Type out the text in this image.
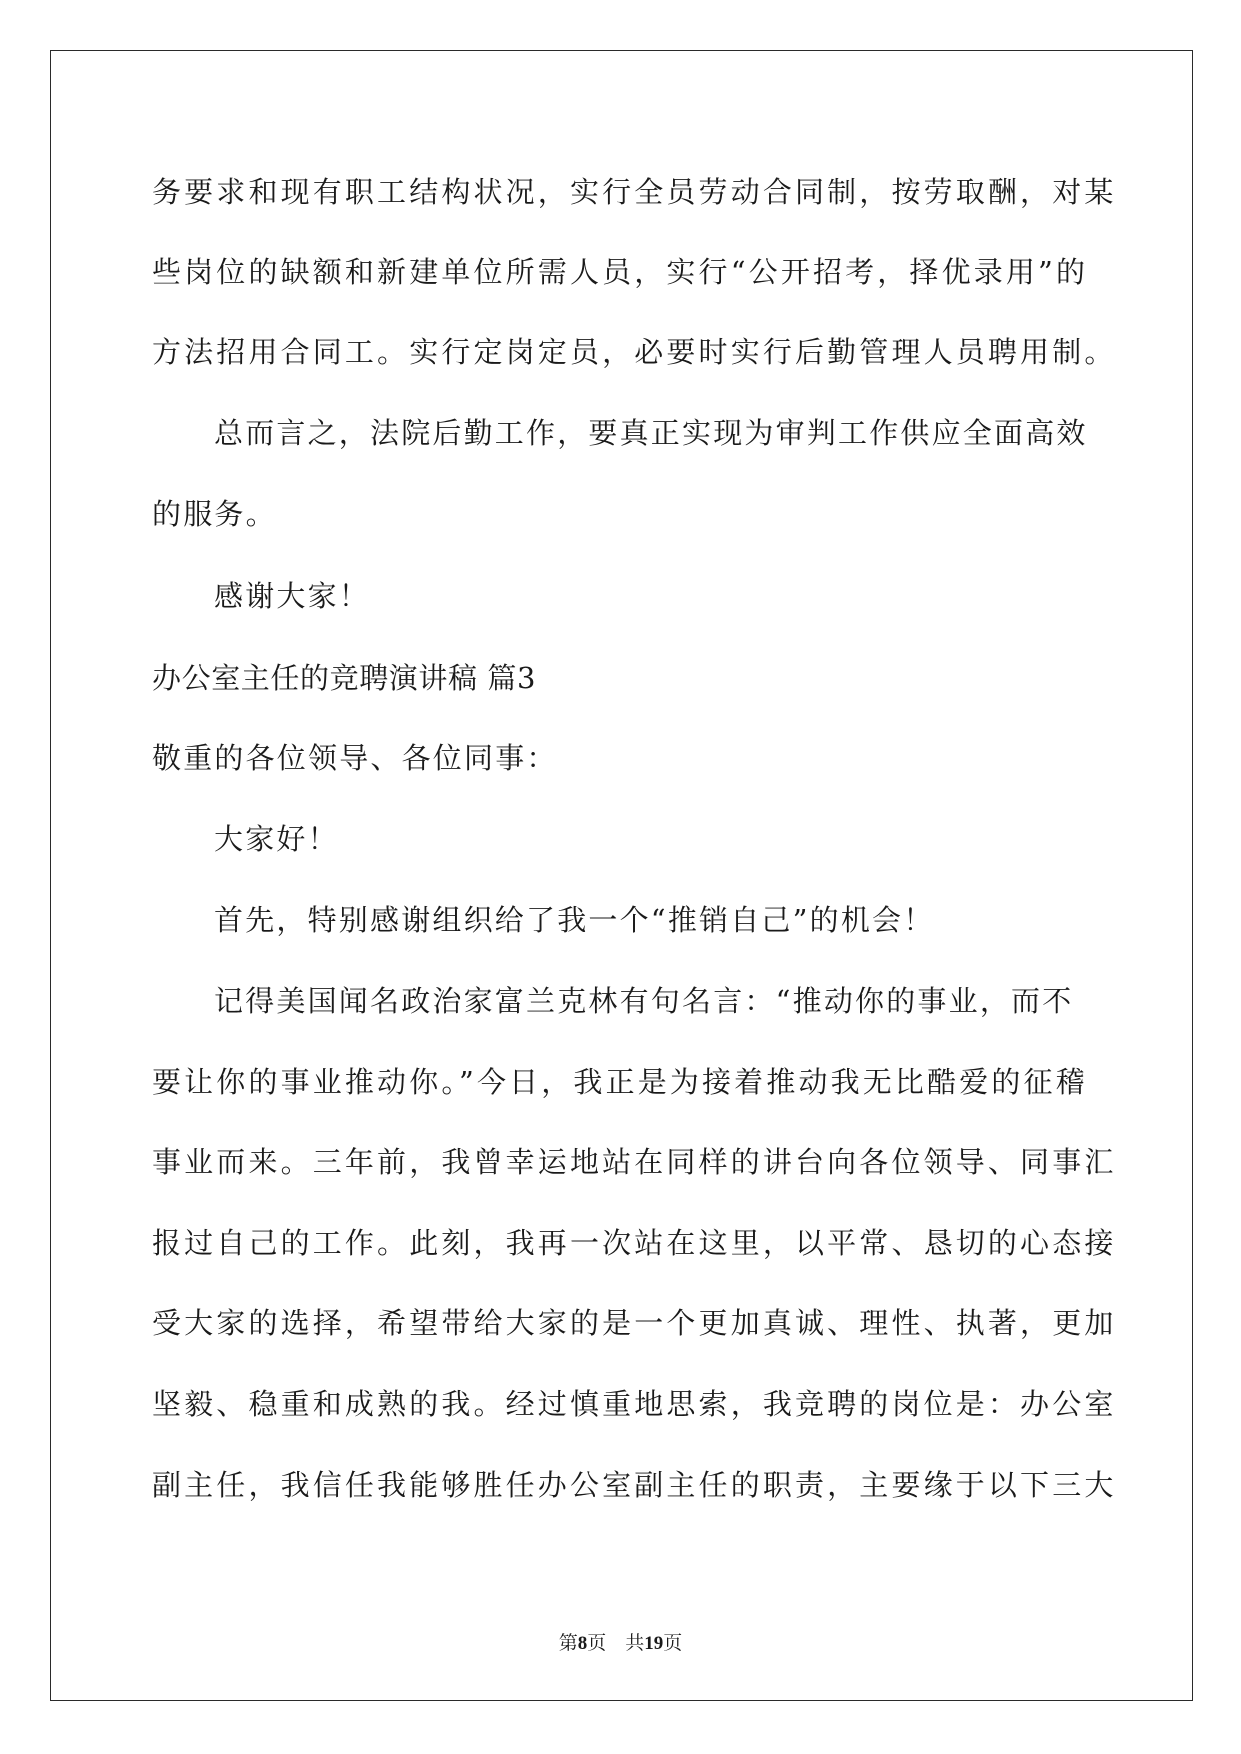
务要求和现有职工结构状况，实行全员劳动合同制，按劳取酬，对某
些岗位的缺额和新建单位所需人员，实行“公开招考，择优录用”的
方法招用合同工。实行定岗定员，必要时实行后勤管理人员聘用制。
总而言之，法院后勤工作，要真正实现为审判工作供应全面高效
的服务。
感谢大家！
办公室主任的竞聘演讲稿 篇3
敬重的各位领导、各位同事：
大家好！
首先，特别感谢组织给了我一个“推销自己”的机会！
记得美国闻名政治家富兰克林有句名言：“推动你的事业，而不
要让你的事业推动你。”今日，我正是为接着推动我无比酷爱的征稽
事业而来。三年前，我曾幸运地站在同样的讲台向各位领导、同事汇
报过自己的工作。此刻，我再一次站在这里，以平常、恳切的心态接
受大家的选择，希望带给大家的是一个更加真诚、理性、执著，更加
坚毅、稳重和成熟的我。经过慎重地思索，我竞聘的岗位是：办公室
副主任，我信任我能够胜任办公室副主任的职责，主要缘于以下三大
第8页 共19页
